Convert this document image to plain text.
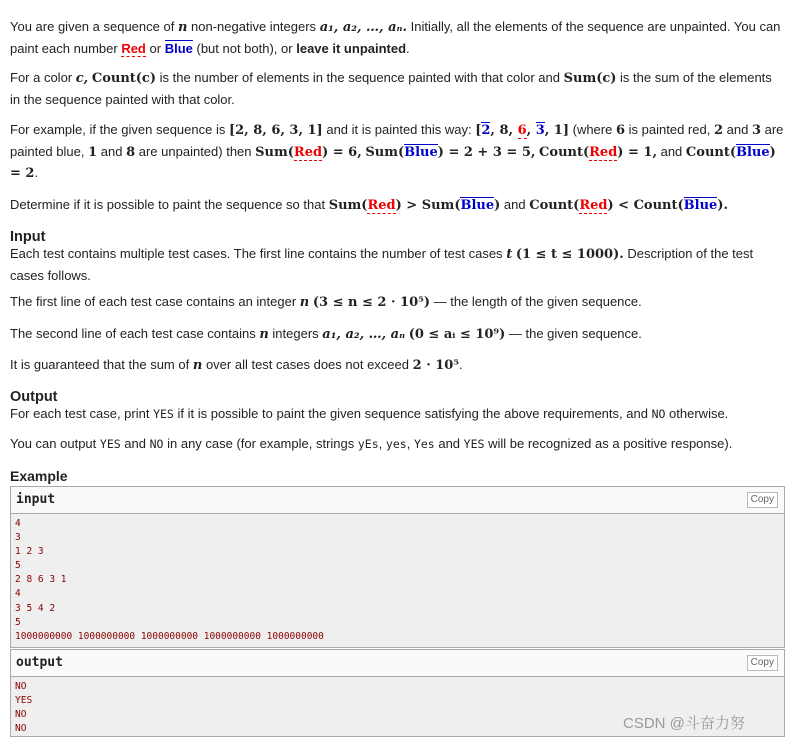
You are given a sequence of n non-negative integers a₁, a₂, …, aₙ. Initially, all the elements of the sequence are unpainted. You can paint each number Red or Blue (but not both), or leave it unpainted.

For a color c, Count(c) is the number of elements in the sequence painted with that color and Sum(c) is the sum of the elements in the sequence painted with that color.

For example, if the given sequence is [2, 8, 6, 3, 1] and it is painted this way: [2, 8, 6, 3, 1] (where 6 is painted red, 2 and 3 are painted blue, 1 and 8 are unpainted) then Sum(Red) = 6, Sum(Blue) = 2 + 3 = 5, Count(Red) = 1, and Count(Blue) = 2.

Determine if it is possible to paint the sequence so that Sum(Red) > Sum(Blue) and Count(Red) < Count(Blue).

Input

Each test contains multiple test cases. The first line contains the number of test cases t (1 ≤ t ≤ 1000). Description of the test cases follows.

The first line of each test case contains an integer n (3 ≤ n ≤ 2 · 10⁵) — the length of the given sequence.

The second line of each test case contains n integers a₁, a₂, …, aₙ (0 ≤ aᵢ ≤ 10⁹) — the given sequence.

It is guaranteed that the sum of n over all test cases does not exceed 2 · 10⁵.

Output

For each test case, print YES if it is possible to paint the given sequence satisfying the above requirements, and NO otherwise.

You can output YES and NO in any case (for example, strings yEs, yes, Yes and YES will be recognized as a positive response).

Example
input	Copy
4
3
1 2 3
5
2 8 6 3 1
4
3 5 4 2
5
1000000000 1000000000 1000000000 1000000000 1000000000
output	Copy
NO
YES
NO
NO	CSDN @斗奋力努
